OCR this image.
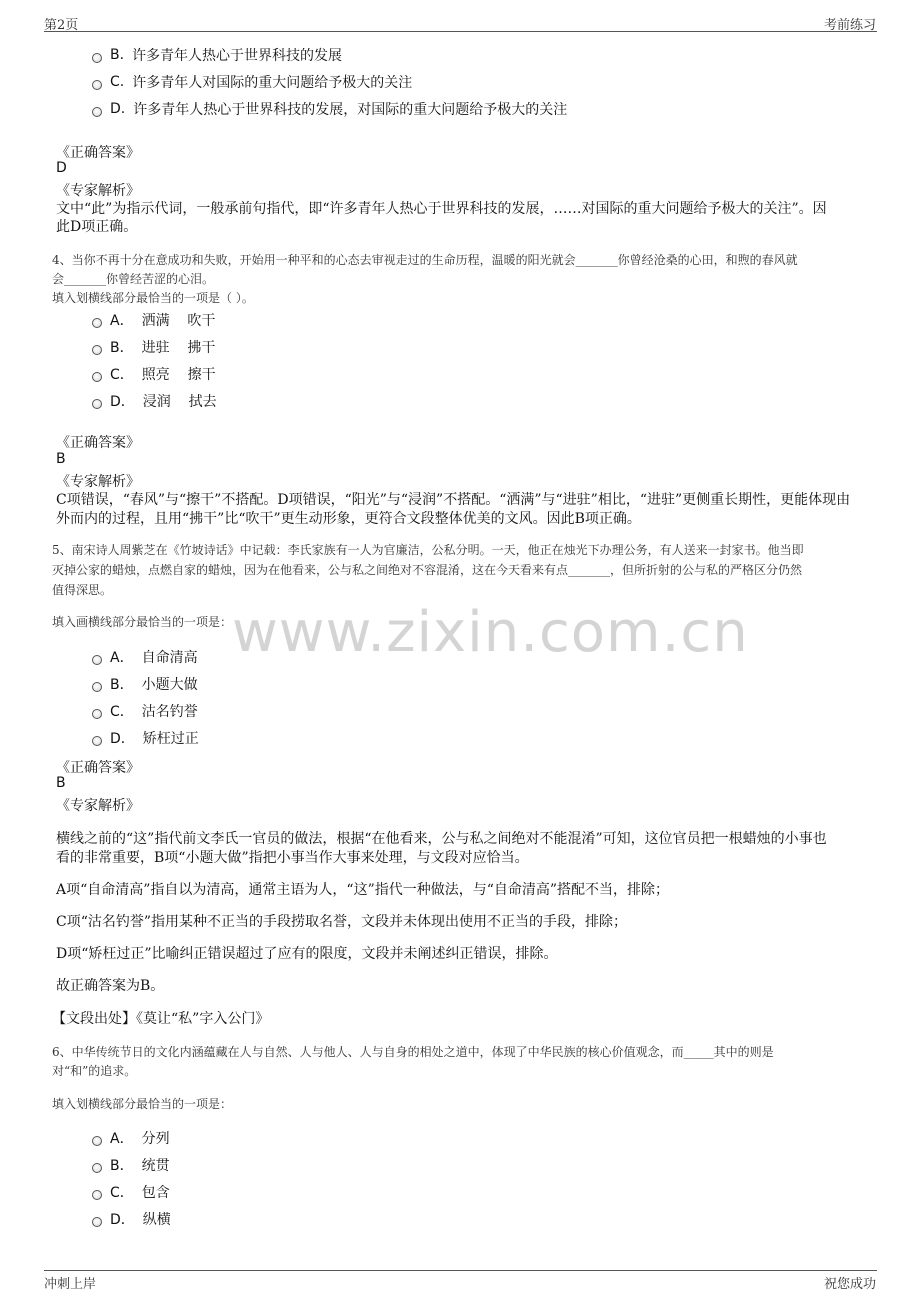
第2页	考前练习
www.zixin.com.cn
B. 许多青年人热心于世界科技的发展
C. 许多青年人对国际的重大问题给予极大的关注
D. 许多青年人热心于世界科技的发展，对国际的重大问题给予极大的关注
《正确答案》
D
《专家解析》
文中“此”为指示代词，一般承前句指代，即“许多青年人热心于世界科技的发展，……对国际的重大问题给予极大的关注”。因
此D项正确。
4、当你不再十分在意成功和失败，开始用一种平和的心态去审视走过的生命历程，温暖的阳光就会_______你曾经沧桑的心田，和煦的春风就
会_______你曾经苦涩的心泪。
填入划横线部分最恰当的一项是（ ）。
A． 洒满    吹干
B． 进驻    拂干
C． 照亮    擦干
D． 浸润    拭去
《正确答案》
B
《专家解析》
C项错误，“春风”与“擦干”不搭配。D项错误，“阳光”与“浸润”不搭配。“洒满”与“进驻”相比，“进驻”更侧重长期性，更能体现由
外而内的过程，且用“拂干”比“吹干”更生动形象，更符合文段整体优美的文风。因此B项正确。
5、南宋诗人周紫芝在《竹坡诗话》中记载：李氏家族有一人为官廉洁，公私分明。一天，他正在烛光下办理公务，有人送来一封家书。他当即
灭掉公家的蜡烛，点燃自家的蜡烛，因为在他看来，公与私之间绝对不容混淆，这在今天看来有点_______，但所折射的公与私的严格区分仍然
值得深思。
填入画横线部分最恰当的一项是：
A． 自命清高
B． 小题大做
C． 沽名钓誉
D． 矫枉过正
《正确答案》
B
《专家解析》
横线之前的“这”指代前文李氏一官员的做法，根据“在他看来，公与私之间绝对不能混淆”可知，这位官员把一根蜡烛的小事也
看的非常重要，B项“小题大做”指把小事当作大事来处理，与文段对应恰当。
A项“自命清高”指自以为清高，通常主语为人，“这”指代一种做法，与“自命清高”搭配不当，排除；
C项“沽名钓誉”指用某种不正当的手段捞取名誉，文段并未体现出使用不正当的手段，排除；
D项“矫枉过正”比喻纠正错误超过了应有的限度，文段并未阐述纠正错误，排除。
故正确答案为B。
【文段出处】《莫让“私”字入公门》
6、中华传统节日的文化内涵蕴藏在人与自然、人与他人、人与自身的相处之道中，体现了中华民族的核心价值观念，而_____其中的则是
对“和”的追求。
填入划横线部分最恰当的一项是：
A． 分列
B． 统贯
C． 包含
D． 纵横
冲刺上岸	祝您成功
